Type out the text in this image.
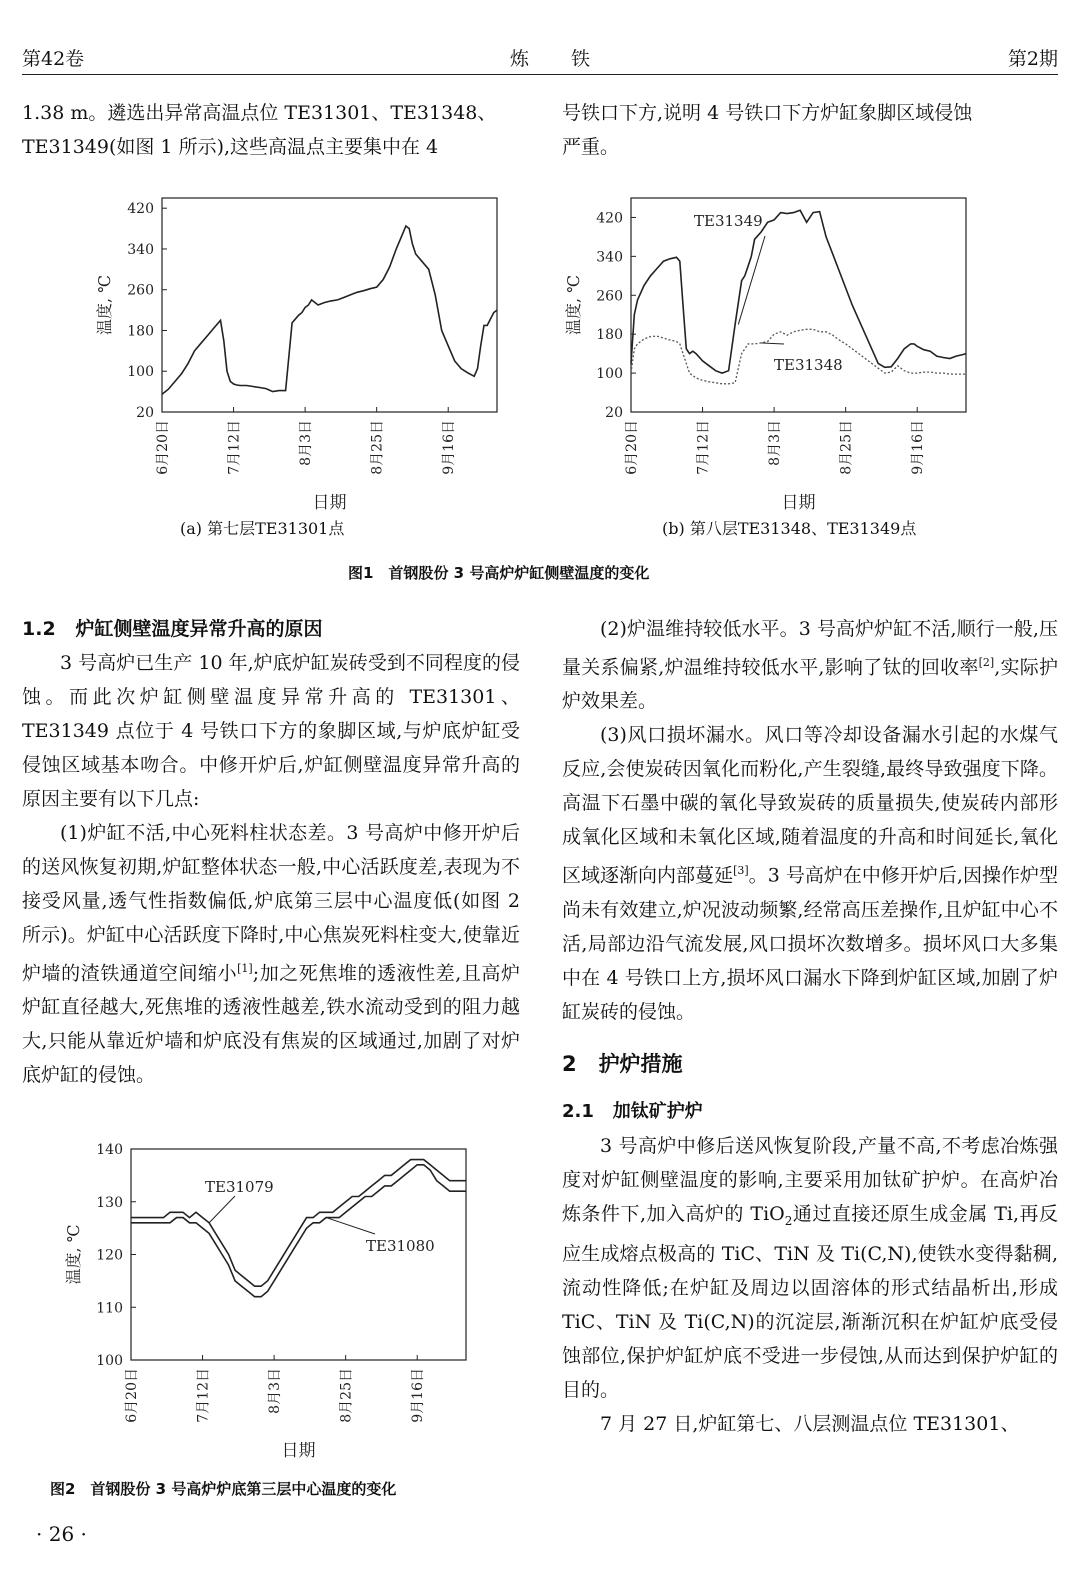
第42卷	炼 铁	第2期
1.38 m。遴选出异常高温点位 TE31301、TE31348、
TE31349(如图 1 所示),这些高温点主要集中在 4
号铁口下方,说明 4 号铁口下方炉缸象脚区域侵蚀
严重。
20
100
180
260
340
420
6月20日	7月12日	8月3日	8月25日	9月16日
温度, ℃
日期
(a) 第七层TE31301点
20
100
180
260
340
420
6月20日	7月12日	8月3日	8月25日	9月16日
温度, ℃
日期
TE31349
TE31348
(b) 第八层TE31348、TE31349点
图1　首钢股份 3 号高炉炉缸侧壁温度的变化

1.2 炉缸侧壁温度异常升高的原因

3 号高炉已生产 10 年,炉底炉缸炭砖受到不同程度的侵蚀。而此次炉缸侧壁温度异常升高的 TE31301、TE31349 点位于 4 号铁口下方的象脚区域,与炉底炉缸受侵蚀区域基本吻合。中修开炉后,炉缸侧壁温度异常升高的原因主要有以下几点:

(1)炉缸不活,中心死料柱状态差。3 号高炉中修开炉后的送风恢复初期,炉缸整体状态一般,中心活跃度差,表现为不接受风量,透气性指数偏低,炉底第三层中心温度低(如图 2 所示)。炉缸中心活跃度下降时,中心焦炭死料柱变大,使靠近炉墙的渣铁通道空间缩小[1];加之死焦堆的透液性差,且高炉炉缸直径越大,死焦堆的透液性越差,铁水流动受到的阻力越大,只能从靠近炉墙和炉底没有焦炭的区域通过,加剧了对炉底炉缸的侵蚀。

100
110
120
130
140
6月20日	7月12日	8月3日	8月25日	9月16日
温度, ℃
日期
TE31079
TE31080
图2　首钢股份 3 号高炉炉底第三层中心温度的变化

(2)炉温维持较低水平。3 号高炉炉缸不活,顺行一般,压量关系偏紧,炉温维持较低水平,影响了钛的回收率[2],实际护炉效果差。

(3)风口损坏漏水。风口等冷却设备漏水引起的水煤气反应,会使炭砖因氧化而粉化,产生裂缝,最终导致强度下降。高温下石墨中碳的氧化导致炭砖的质量损失,使炭砖内部形成氧化区域和未氧化区域,随着温度的升高和时间延长,氧化区域逐渐向内部蔓延[3]。3 号高炉在中修开炉后,因操作炉型尚未有效建立,炉况波动频繁,经常高压差操作,且炉缸中心不活,局部边沿气流发展,风口损坏次数增多。损坏风口大多集中在 4 号铁口上方,损坏风口漏水下降到炉缸区域,加剧了炉缸炭砖的侵蚀。

2 护炉措施

2.1 加钛矿护炉

3 号高炉中修后送风恢复阶段,产量不高,不考虑冶炼强度对炉缸侧壁温度的影响,主要采用加钛矿护炉。在高炉冶炼条件下,加入高炉的 TiO$_2$通过直接还原生成金属 Ti,再反应生成熔点极高的 TiC、TiN 及 Ti(C,N),使铁水变得黏稠,流动性降低;在炉缸及周边以固溶体的形式结晶析出,形成 TiC、TiN 及 Ti(C,N)的沉淀层,渐渐沉积在炉缸炉底受侵蚀部位,保护炉缸炉底不受进一步侵蚀,从而达到保护炉缸的目的。

7 月 27 日,炉缸第七、八层测温点位 TE31301、

· 26 ·
